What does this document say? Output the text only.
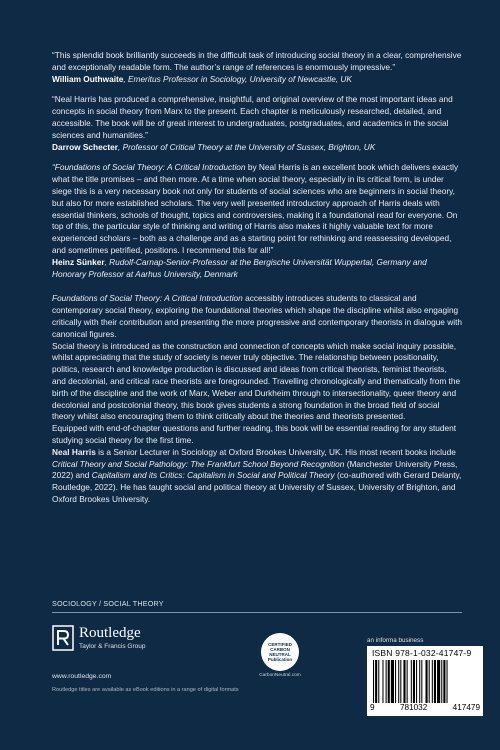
“This splendid book brilliantly succeeds in the difficult task of introducing social theory in a clear, comprehensive and exceptionally readable form. The author’s range of references is enormously impressive.”

William Outhwaite, Emeritus Professor in Sociology, University of Newcastle, UK

“Neal Harris has produced a comprehensive, insightful, and original overview of the most important ideas and concepts in social theory from Marx to the present. Each chapter is meticulously researched, detailed, and accessible. The book will be of great interest to undergraduates, postgraduates, and academics in the social sciences and humanities.”

Darrow Schecter, Professor of Critical Theory at the University of Sussex, Brighton, UK

“Foundations of Social Theory: A Critical Introduction by Neal Harris is an excellent book which delivers exactly what the title promises – and then more. At a time when social theory, especially in its critical form, is under siege this is a very necessary book not only for students of social sciences who are beginners in social theory, but also for more established scholars. The very well presented introductory approach of Harris deals with essential thinkers, schools of thought, topics and controversies, making it a foundational read for everyone. On top of this, the particular style of thinking and writing of Harris also makes it highly valuable text for more experienced scholars – both as a challenge and as a starting point for rethinking and reassessing developed, and sometimes petrified, positions. I recommend this for all!”

Heinz Sünker, Rudolf-Carnap-Senior-Professor at the Bergische Universität Wuppertal, Germany and Honorary Professor at Aarhus University, Denmark

Foundations of Social Theory: A Critical Introduction accessibly introduces students to classical and contemporary social theory, exploring the foundational theories which shape the discipline whilst also engaging critically with their contribution and presenting the more progressive and contemporary theorists in dialogue with canonical figures.

Social theory is introduced as the construction and connection of concepts which make social inquiry possible, whilst appreciating that the study of society is never truly objective. The relationship between positionality, politics, research and knowledge production is discussed and ideas from critical theorists, feminist theorists, and decolonial, and critical race theorists are foregrounded. Travelling chronologically and thematically from the birth of the discipline and the work of Marx, Weber and Durkheim through to intersectionality, queer theory and decolonial and postcolonial theory, this book gives students a strong foundation in the broad field of social theory whilst also encouraging them to think critically about the theories and theorists presented.

Equipped with end-of-chapter questions and further reading, this book will be essential reading for any student studying social theory for the first time.

Neal Harris is a Senior Lecturer in Sociology at Oxford Brookes University, UK. His most recent books include Critical Theory and Social Pathology: The Frankfurt School Beyond Recognition (Manchester University Press, 2022) and Capitalism and its Critics: Capitalism in Social and Political Theory (co-authored with Gerard Delanty, Routledge, 2022). He has taught social and political theory at University of Sussex, University of Brighton, and Oxford Brookes University.

SOCIOLOGY / SOCIAL THEORY
Routledge
Taylor & Francis Group
www.routledge.com
Routledge titles are available as eBook editions in a range of digital formats
CERTIFIED
CARBON NEUTRAL
Publication
CarbonNeutral.com
an informa business
ISBN 978-1-032-41747-9
9	781032	417479
